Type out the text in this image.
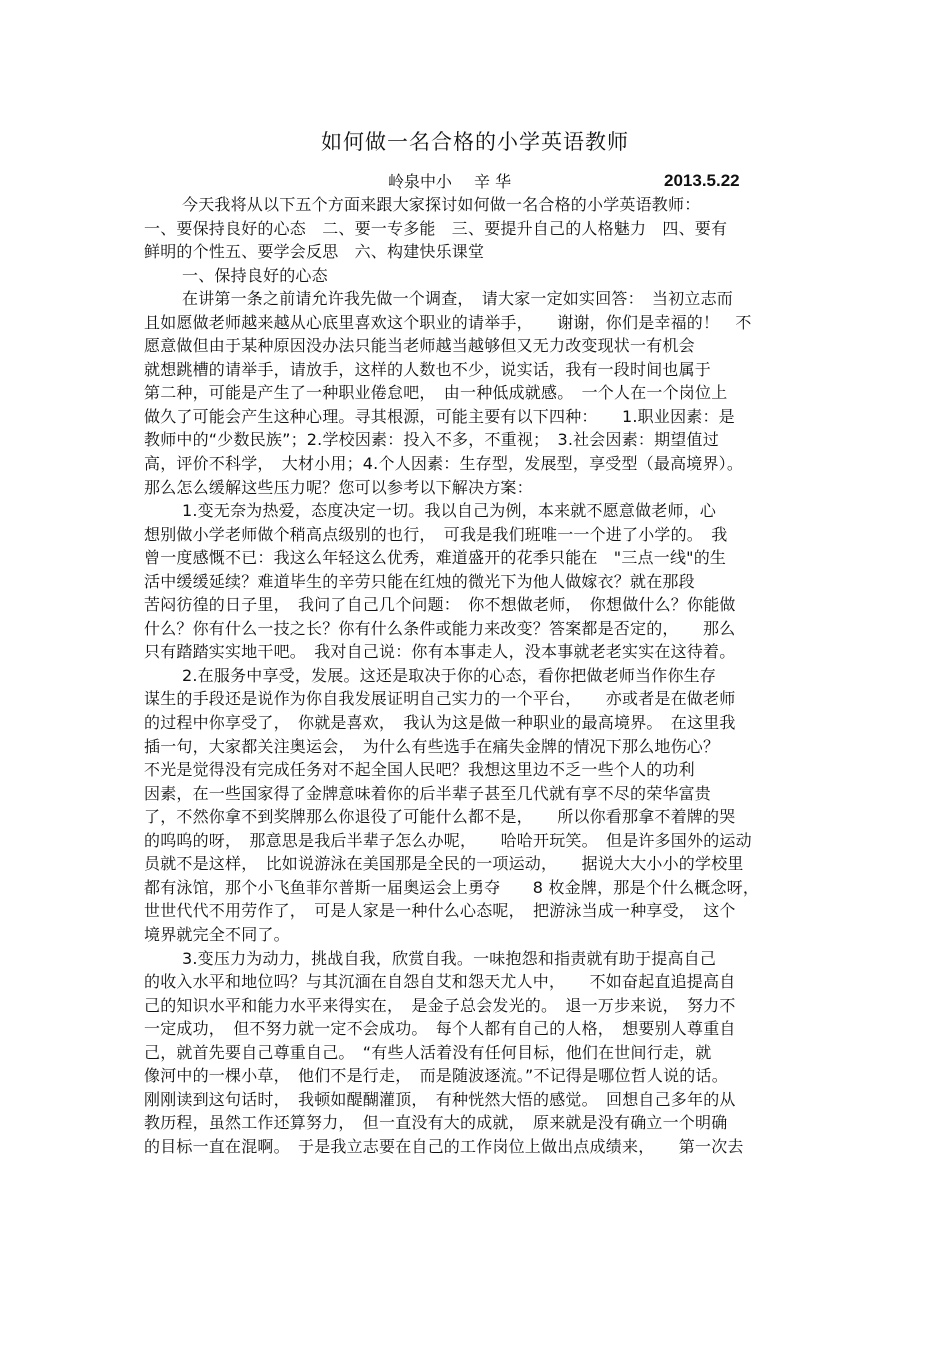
如何做一名合格的小学英语教师
岭泉中小 辛 华	2013.5.22
今天我将从以下五个方面来跟大家探讨如何做一名合格的小学英语教师：
一、要保持良好的心态　二、要一专多能　三、要提升自己的人格魅力　四、要有
鲜明的个性五、要学会反思　六、构建快乐课堂
一、保持良好的心态
在讲第一条之前请允许我先做一个调查，　请大家一定如实回答：　当初立志而
且如愿做老师越来越从心底里喜欢这个职业的请举手，　　谢谢，你们是幸福的！　不
愿意做但由于某种原因没办法只能当老师越当越够但又无力改变现状一有机会
就想跳槽的请举手，请放手，这样的人数也不少，说实话，我有一段时间也属于
第二种，可能是产生了一种职业倦怠吧，　由一种低成就感。　一个人在一个岗位上
做久了可能会产生这种心理。寻其根源，可能主要有以下四种：　　1.职业因素：是
教师中的“少数民族”；2.学校因素：投入不多，不重视；　3.社会因素：期望值过
高，评价不科学，　大材小用；4.个人因素：生存型，发展型，享受型（最高境界）。
那么怎么缓解这些压力呢？您可以参考以下解决方案：
1.变无奈为热爱，态度决定一切。我以自己为例，本来就不愿意做老师，心
想别做小学老师做个稍高点级别的也行，　可我是我们班唯一一个进了小学的。　我
曾一度感慨不已：我这么年轻这么优秀，难道盛开的花季只能在　"三点一线"的生
活中缓缓延续？难道毕生的辛劳只能在红烛的微光下为他人做嫁衣？就在那段
苦闷彷徨的日子里，　我问了自己几个问题：　你不想做老师，　你想做什么？你能做
什么？你有什么一技之长？你有什么条件或能力来改变？答案都是否定的，　　那么
只有踏踏实实地干吧。　我对自己说：你有本事走人，没本事就老老实实在这待着。
2.在服务中享受，发展。这还是取决于你的心态，看你把做老师当作你生存
谋生的手段还是说作为你自我发展证明自己实力的一个平台，　　亦或者是在做老师
的过程中你享受了，　你就是喜欢，　我认为这是做一种职业的最高境界。　在这里我
插一句，大家都关注奥运会，　为什么有些选手在痛失金牌的情况下那么地伤心？
不光是觉得没有完成任务对不起全国人民吧？我想这里边不乏一些个人的功利
因素，在一些国家得了金牌意味着你的后半辈子甚至几代就有享不尽的荣华富贵
了，不然你拿不到奖牌那么你退役了可能什么都不是，　　所以你看那拿不着牌的哭
的呜呜的呀，　那意思是我后半辈子怎么办呢，　　哈哈开玩笑。　但是许多国外的运动
员就不是这样，　比如说游泳在美国那是全民的一项运动，　　据说大大小小的学校里
都有泳馆，那个小飞鱼菲尔普斯一届奥运会上勇夺　　8 枚金牌，那是个什么概念呀，
世世代代不用劳作了，　可是人家是一种什么心态呢，　把游泳当成一种享受，　这个
境界就完全不同了。
3.变压力为动力，挑战自我，欣赏自我。一味抱怨和指责就有助于提高自己
的收入水平和地位吗？与其沉湎在自怨自艾和怨天尤人中，　　不如奋起直追提高自
己的知识水平和能力水平来得实在，　是金子总会发光的。　退一万步来说，　努力不
一定成功，　但不努力就一定不会成功。　每个人都有自己的人格，　想要别人尊重自
己，就首先要自己尊重自己。　“有些人活着没有任何目标，他们在世间行走，就
像河中的一棵小草，　他们不是行走，　而是随波逐流。”不记得是哪位哲人说的话。
刚刚读到这句话时，　我顿如醍醐灌顶，　有种恍然大悟的感觉。　回想自己多年的从
教历程，虽然工作还算努力，　但一直没有大的成就，　原来就是没有确立一个明确
的目标一直在混啊。　于是我立志要在自己的工作岗位上做出点成绩来，　　第一次去
